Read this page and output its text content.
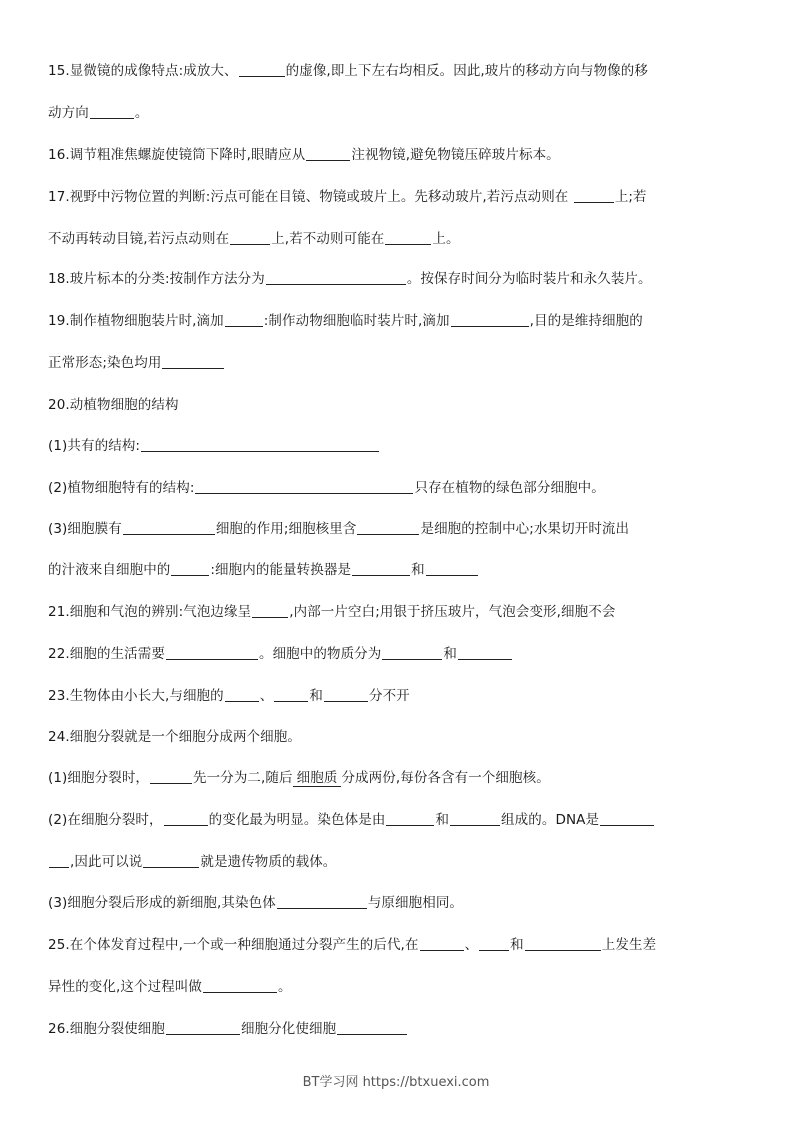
15.显微镜的成像特点:成放大、	的虚像,即上下左右均相反。因此,玻片的移动方向与物像的移
动方向	。
16.调节粗准焦螺旋使镜筒下降时,眼睛应从	注视物镜,避免物镜压碎玻片标本。
17.视野中污物位置的判断:污点可能在目镜、物镜或玻片上。先移动玻片,若污点动则在	上;若
不动再转动目镜,若污点动则在	上,若不动则可能在	上。
18.玻片标本的分类:按制作方法分为	。按保存时间分为临时装片和永久装片。
19.制作植物细胞装片时,滴加	:制作动物细胞临时装片时,滴加	,目的是维持细胞的
正常形态;染色均用
20.动植物细胞的结构
(1)共有的结构:
(2)植物细胞特有的结构:	只存在植物的绿色部分细胞中。
(3)细胞膜有	细胞的作用;细胞核里含	是细胞的控制中心;水果切开时流出
的汁液来自细胞中的	:细胞内的能量转换器是	和
21.细胞和气泡的辨别:气泡边缘呈	,内部一片空白;用银于挤压玻片，气泡会变形,细胞不会
22.细胞的生活需要	。细胞中的物质分为	和
23.生物体由小长大,与细胞的	、	和	分不开
24.细胞分裂就是一个细胞分成两个细胞。
(1)细胞分裂时，	先一分为二,随后 细胞质 分成两份,每份各含有一个细胞核。
(2)在细胞分裂时，	的变化最为明显。染色体是由	和	组成的。DNA是
,因此可以说	就是遗传物质的载体。
(3)细胞分裂后形成的新细胞,其染色体	与原细胞相同。
25.在个体发育过程中,一个或一种细胞通过分裂产生的后代,在	、 和	上发生差
异性的变化,这个过程叫做	。
26.细胞分裂使细胞	细胞分化使细胞
BT学习网 https://btxuexi.com
